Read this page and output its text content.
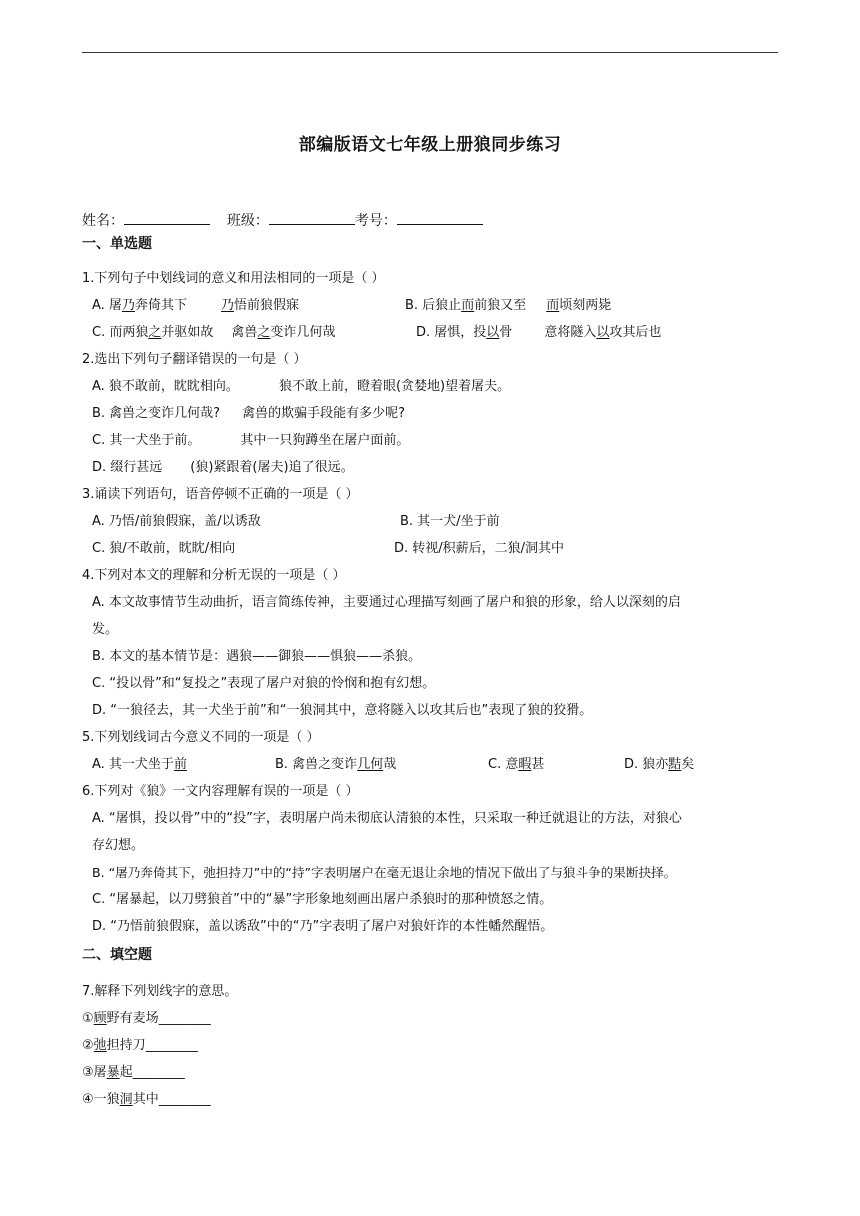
部编版语文七年级上册狼同步练习
姓名：	班级：	考号：
一、单选题
1.下列句子中划线词的意义和用法相同的一项是（ ）
A. 屠乃奔倚其下	乃悟前狼假寐	B. 后狼止而前狼又至 而顷刻两毙
C. 而两狼之并驱如故 禽兽之变诈几何哉	D. 屠惧，投以骨 意将隧入以攻其后也
2.选出下列句子翻译错误的一句是（ ）
A. 狼不敢前，眈眈相向。	狼不敢上前，瞪着眼(贪婪地)望着屠夫。
B. 禽兽之变诈几何哉? 禽兽的欺骗手段能有多少呢?
C. 其一犬坐于前。	其中一只狗蹲坐在屠户面前。
D. 缀行甚远 (狼)紧跟着(屠夫)追了很远。
3.诵读下列语句，语音停顿不正确的一项是（ ）
A. 乃悟/前狼假寐，盖/以诱敌	B. 其一犬/坐于前
C. 狼/不敢前，眈眈/相向	D. 转视/积薪后，二狼/洞其中
4.下列对本文的理解和分析无误的一项是（ ）
A. 本文故事情节生动曲折，语言简练传神，主要通过心理描写刻画了屠户和狼的形象，给人以深刻的启
发。
B. 本文的基本情节是：遇狼——御狼——惧狼——杀狼。
C. “投以骨”和“复投之”表现了屠户对狼的怜悯和抱有幻想。
D. “一狼径去，其一犬坐于前”和“一狼洞其中，意将隧入以攻其后也”表现了狼的狡猾。
5.下列划线词古今意义不同的一项是（ ）
A. 其一犬坐于前	B. 禽兽之变诈几何哉	C. 意暇甚	D. 狼亦黠矣
6.下列对《狼》一文内容理解有误的一项是（ ）
A. “屠惧，投以骨”中的“投”字，表明屠户尚未彻底认清狼的本性，只采取一种迁就退让的方法，对狼心
存幻想。
B. “屠乃奔倚其下，弛担持刀”中的“持”字表明屠户在毫无退让余地的情况下做出了与狼斗争的果断抉择。
C. “屠暴起，以刀劈狼首”中的“暴”字形象地刻画出屠户杀狼时的那种愤怒之情。
D. “乃悟前狼假寐，盖以诱敌”中的“乃”字表明了屠户对狼奸诈的本性幡然醒悟。
二、填空题
7.解释下列划线字的意思。
①顾野有麦场________
②弛担持刀________
③屠暴起________
④一狼洞其中________
